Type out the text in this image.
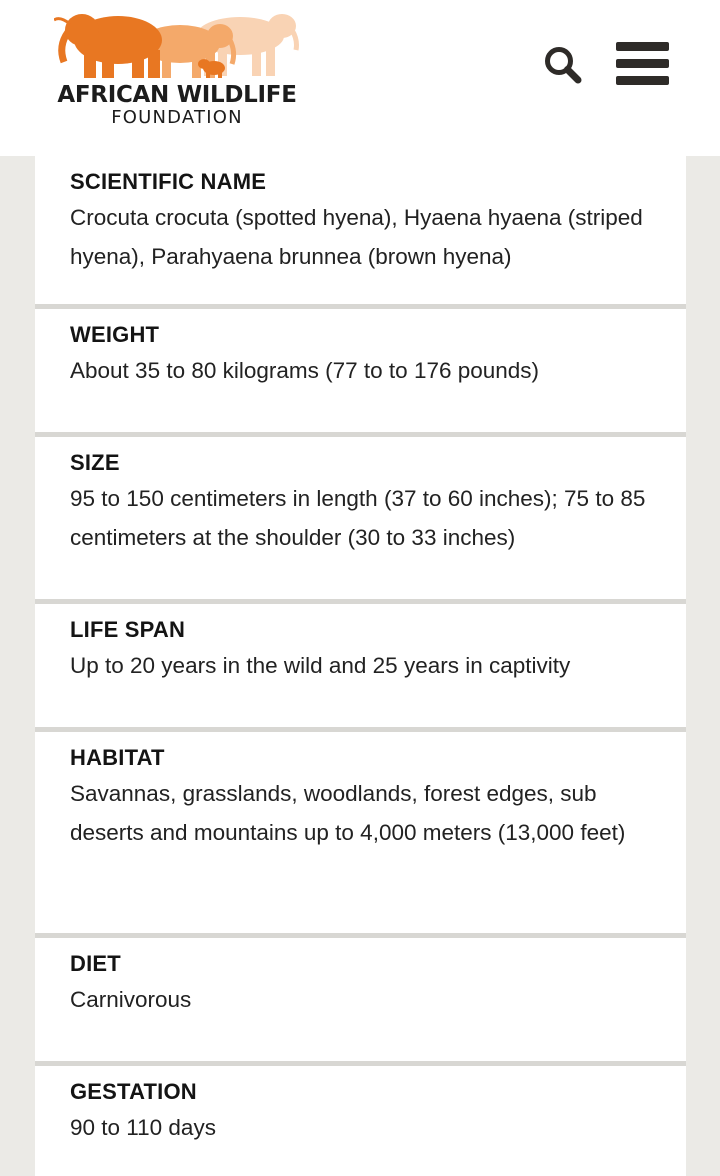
AFRICAN WILDLIFE
FOUNDATION
SCIENTIFIC NAME
Crocuta crocuta (spotted hyena), Hyaena hyaena (striped hyena), Parahyaena brunnea (brown hyena)
WEIGHT
About 35 to 80 kilograms (77 to to 176 pounds)
SIZE
95 to 150 centimeters in length (37 to 60 inches); 75 to 85 centimeters at the shoulder (30 to 33 inches)
LIFE SPAN
Up to 20 years in the wild and 25 years in captivity
HABITAT
Savannas, grasslands, woodlands, forest edges, sub deserts and mountains up to 4,000 meters (13,000 feet)
DIET
Carnivorous
GESTATION
90 to 110 days
